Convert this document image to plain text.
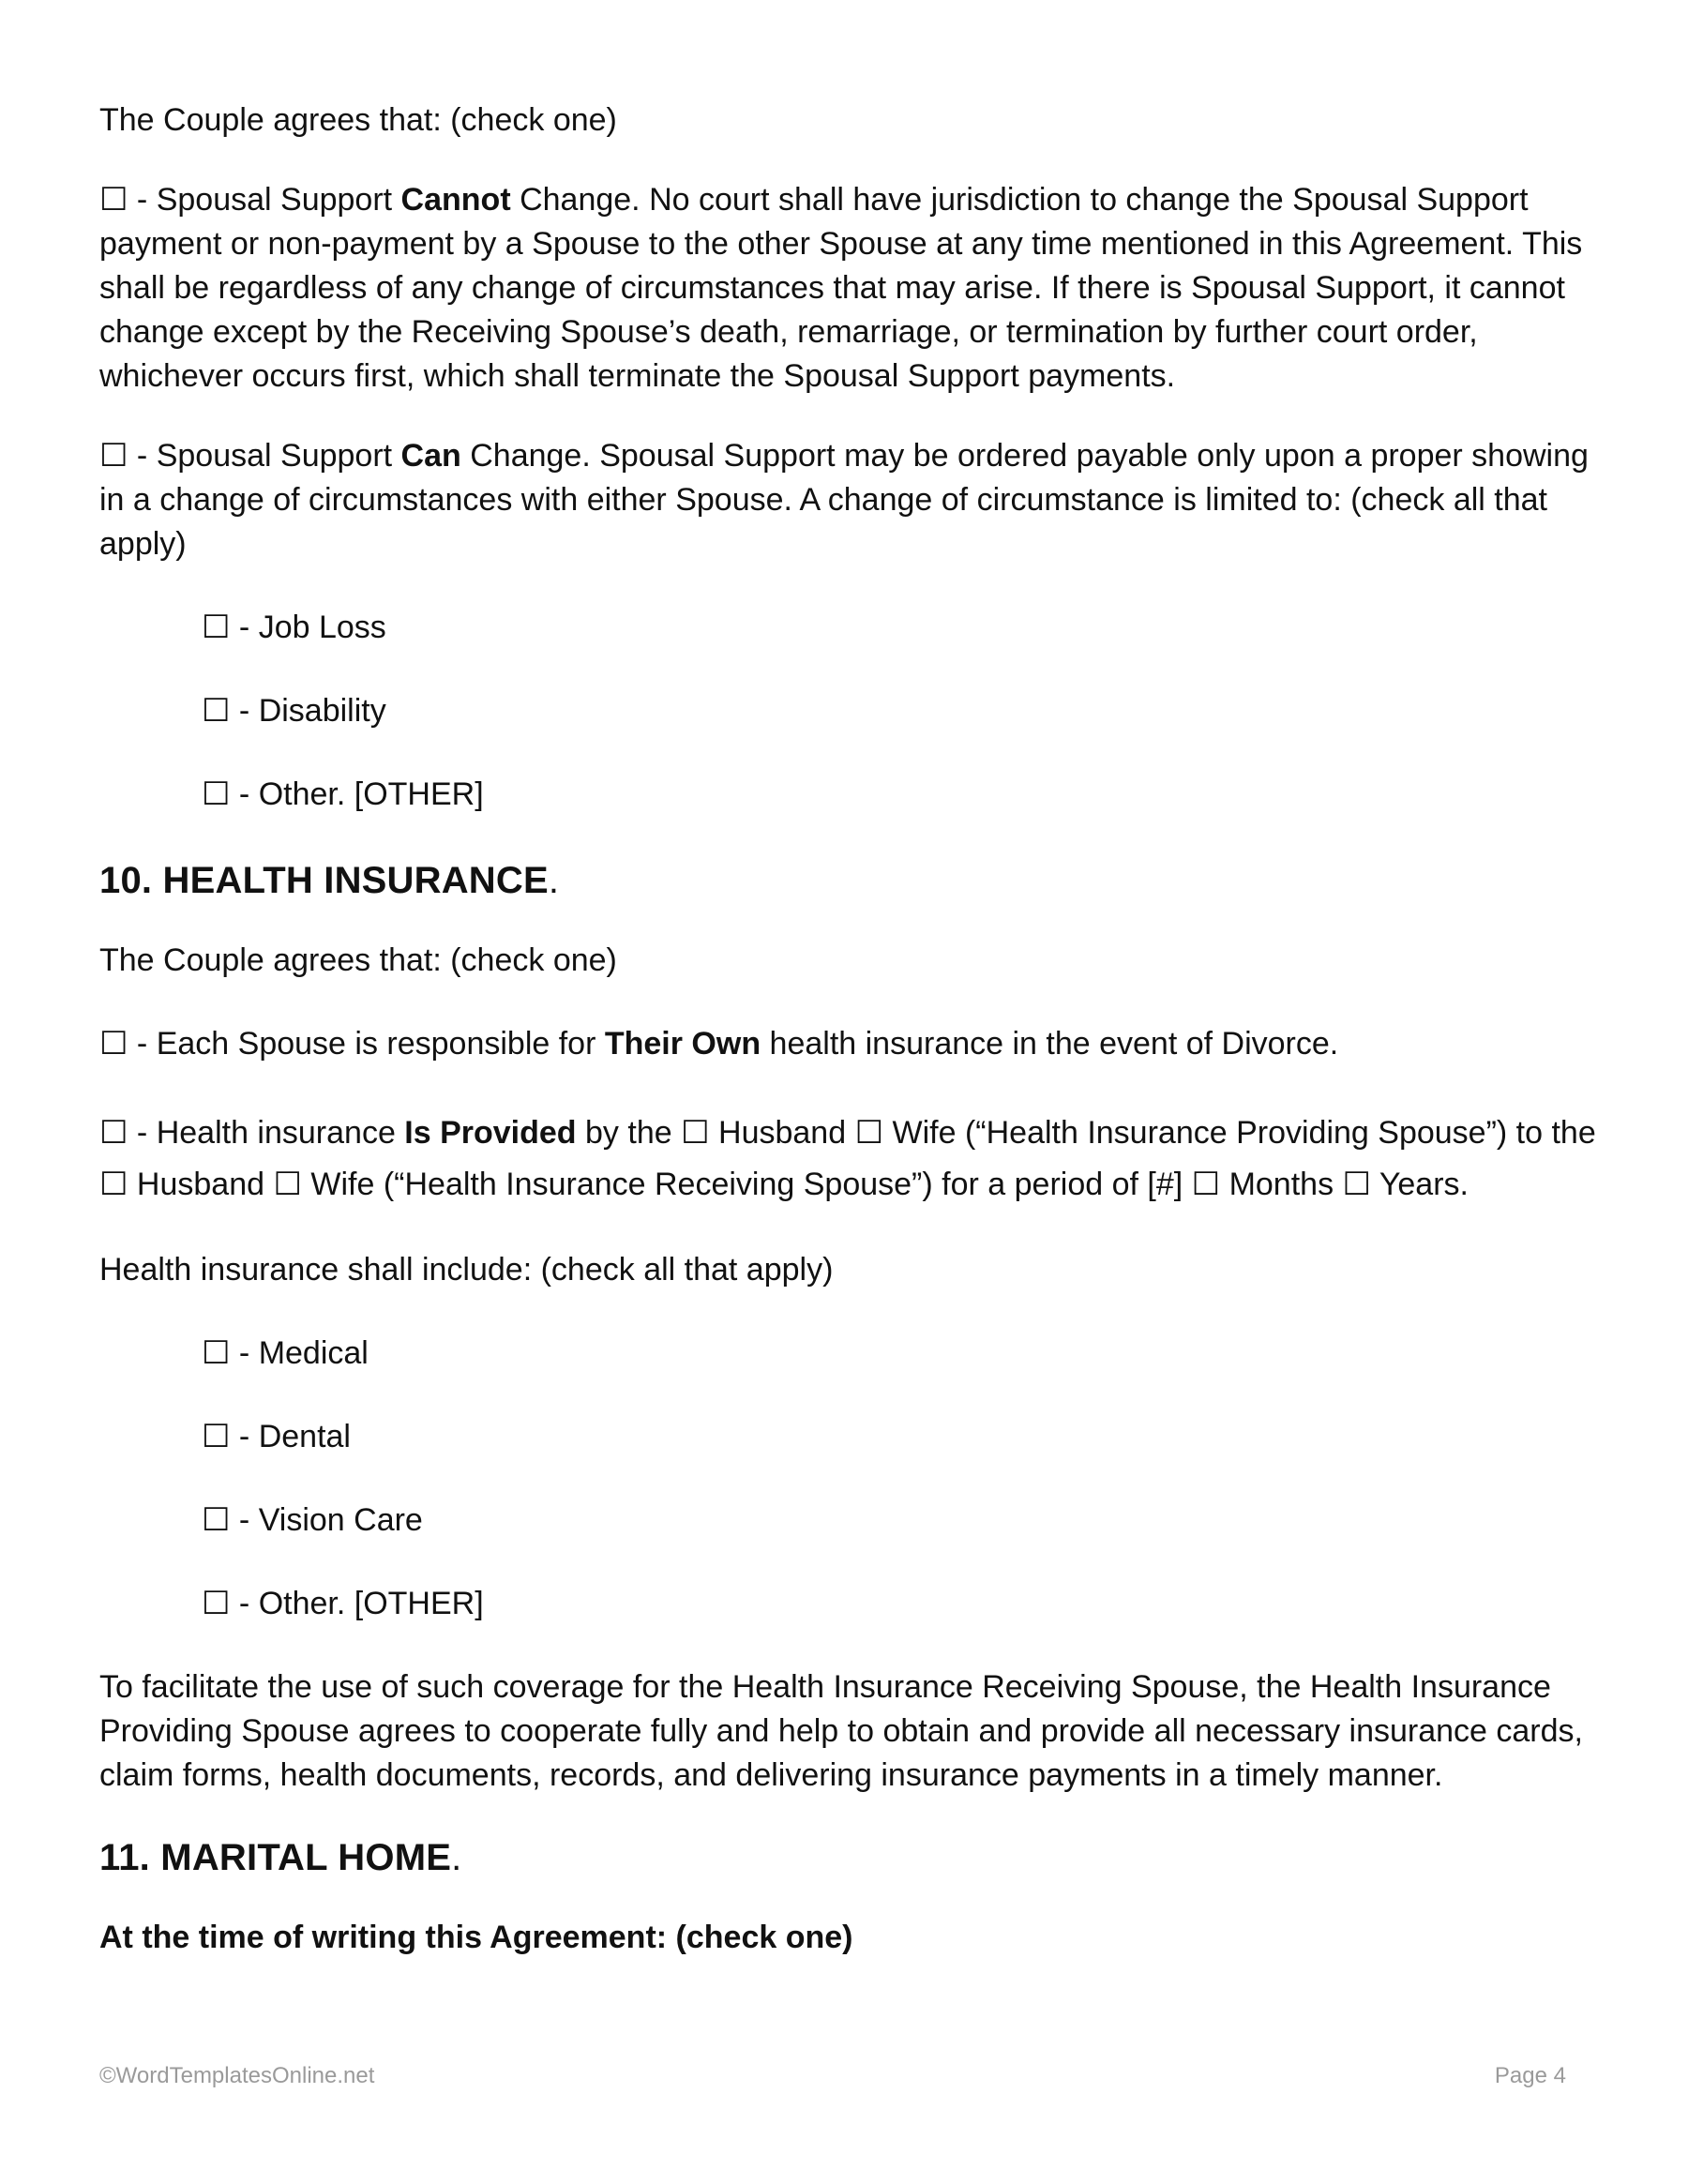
The Couple agrees that: (check one)

☐ - Spousal Support Cannot Change. No court shall have jurisdiction to change the Spousal Support payment or non-payment by a Spouse to the other Spouse at any time mentioned in this Agreement. This shall be regardless of any change of circumstances that may arise. If there is Spousal Support, it cannot change except by the Receiving Spouse’s death, remarriage, or termination by further court order, whichever occurs first, which shall terminate the Spousal Support payments.

☐ - Spousal Support Can Change. Spousal Support may be ordered payable only upon a proper showing in a change of circumstances with either Spouse. A change of circumstance is limited to: (check all that apply)

☐ - Job Loss

☐ - Disability

☐ - Other. [OTHER]

10. HEALTH INSURANCE.

The Couple agrees that: (check one)

☐ - Each Spouse is responsible for Their Own health insurance in the event of Divorce.

☐ - Health insurance Is Provided by the ☐ Husband ☐ Wife (“Health Insurance Providing Spouse”) to the ☐ Husband ☐ Wife (“Health Insurance Receiving Spouse”) for a period of [#] ☐ Months ☐ Years.

Health insurance shall include: (check all that apply)

☐ - Medical

☐ - Dental

☐ - Vision Care

☐ - Other. [OTHER]

To facilitate the use of such coverage for the Health Insurance Receiving Spouse, the Health Insurance Providing Spouse agrees to cooperate fully and help to obtain and provide all necessary insurance cards, claim forms, health documents, records, and delivering insurance payments in a timely manner.

11. MARITAL HOME.

At the time of writing this Agreement: (check one)

©WordTemplatesOnline.net	Page 4
